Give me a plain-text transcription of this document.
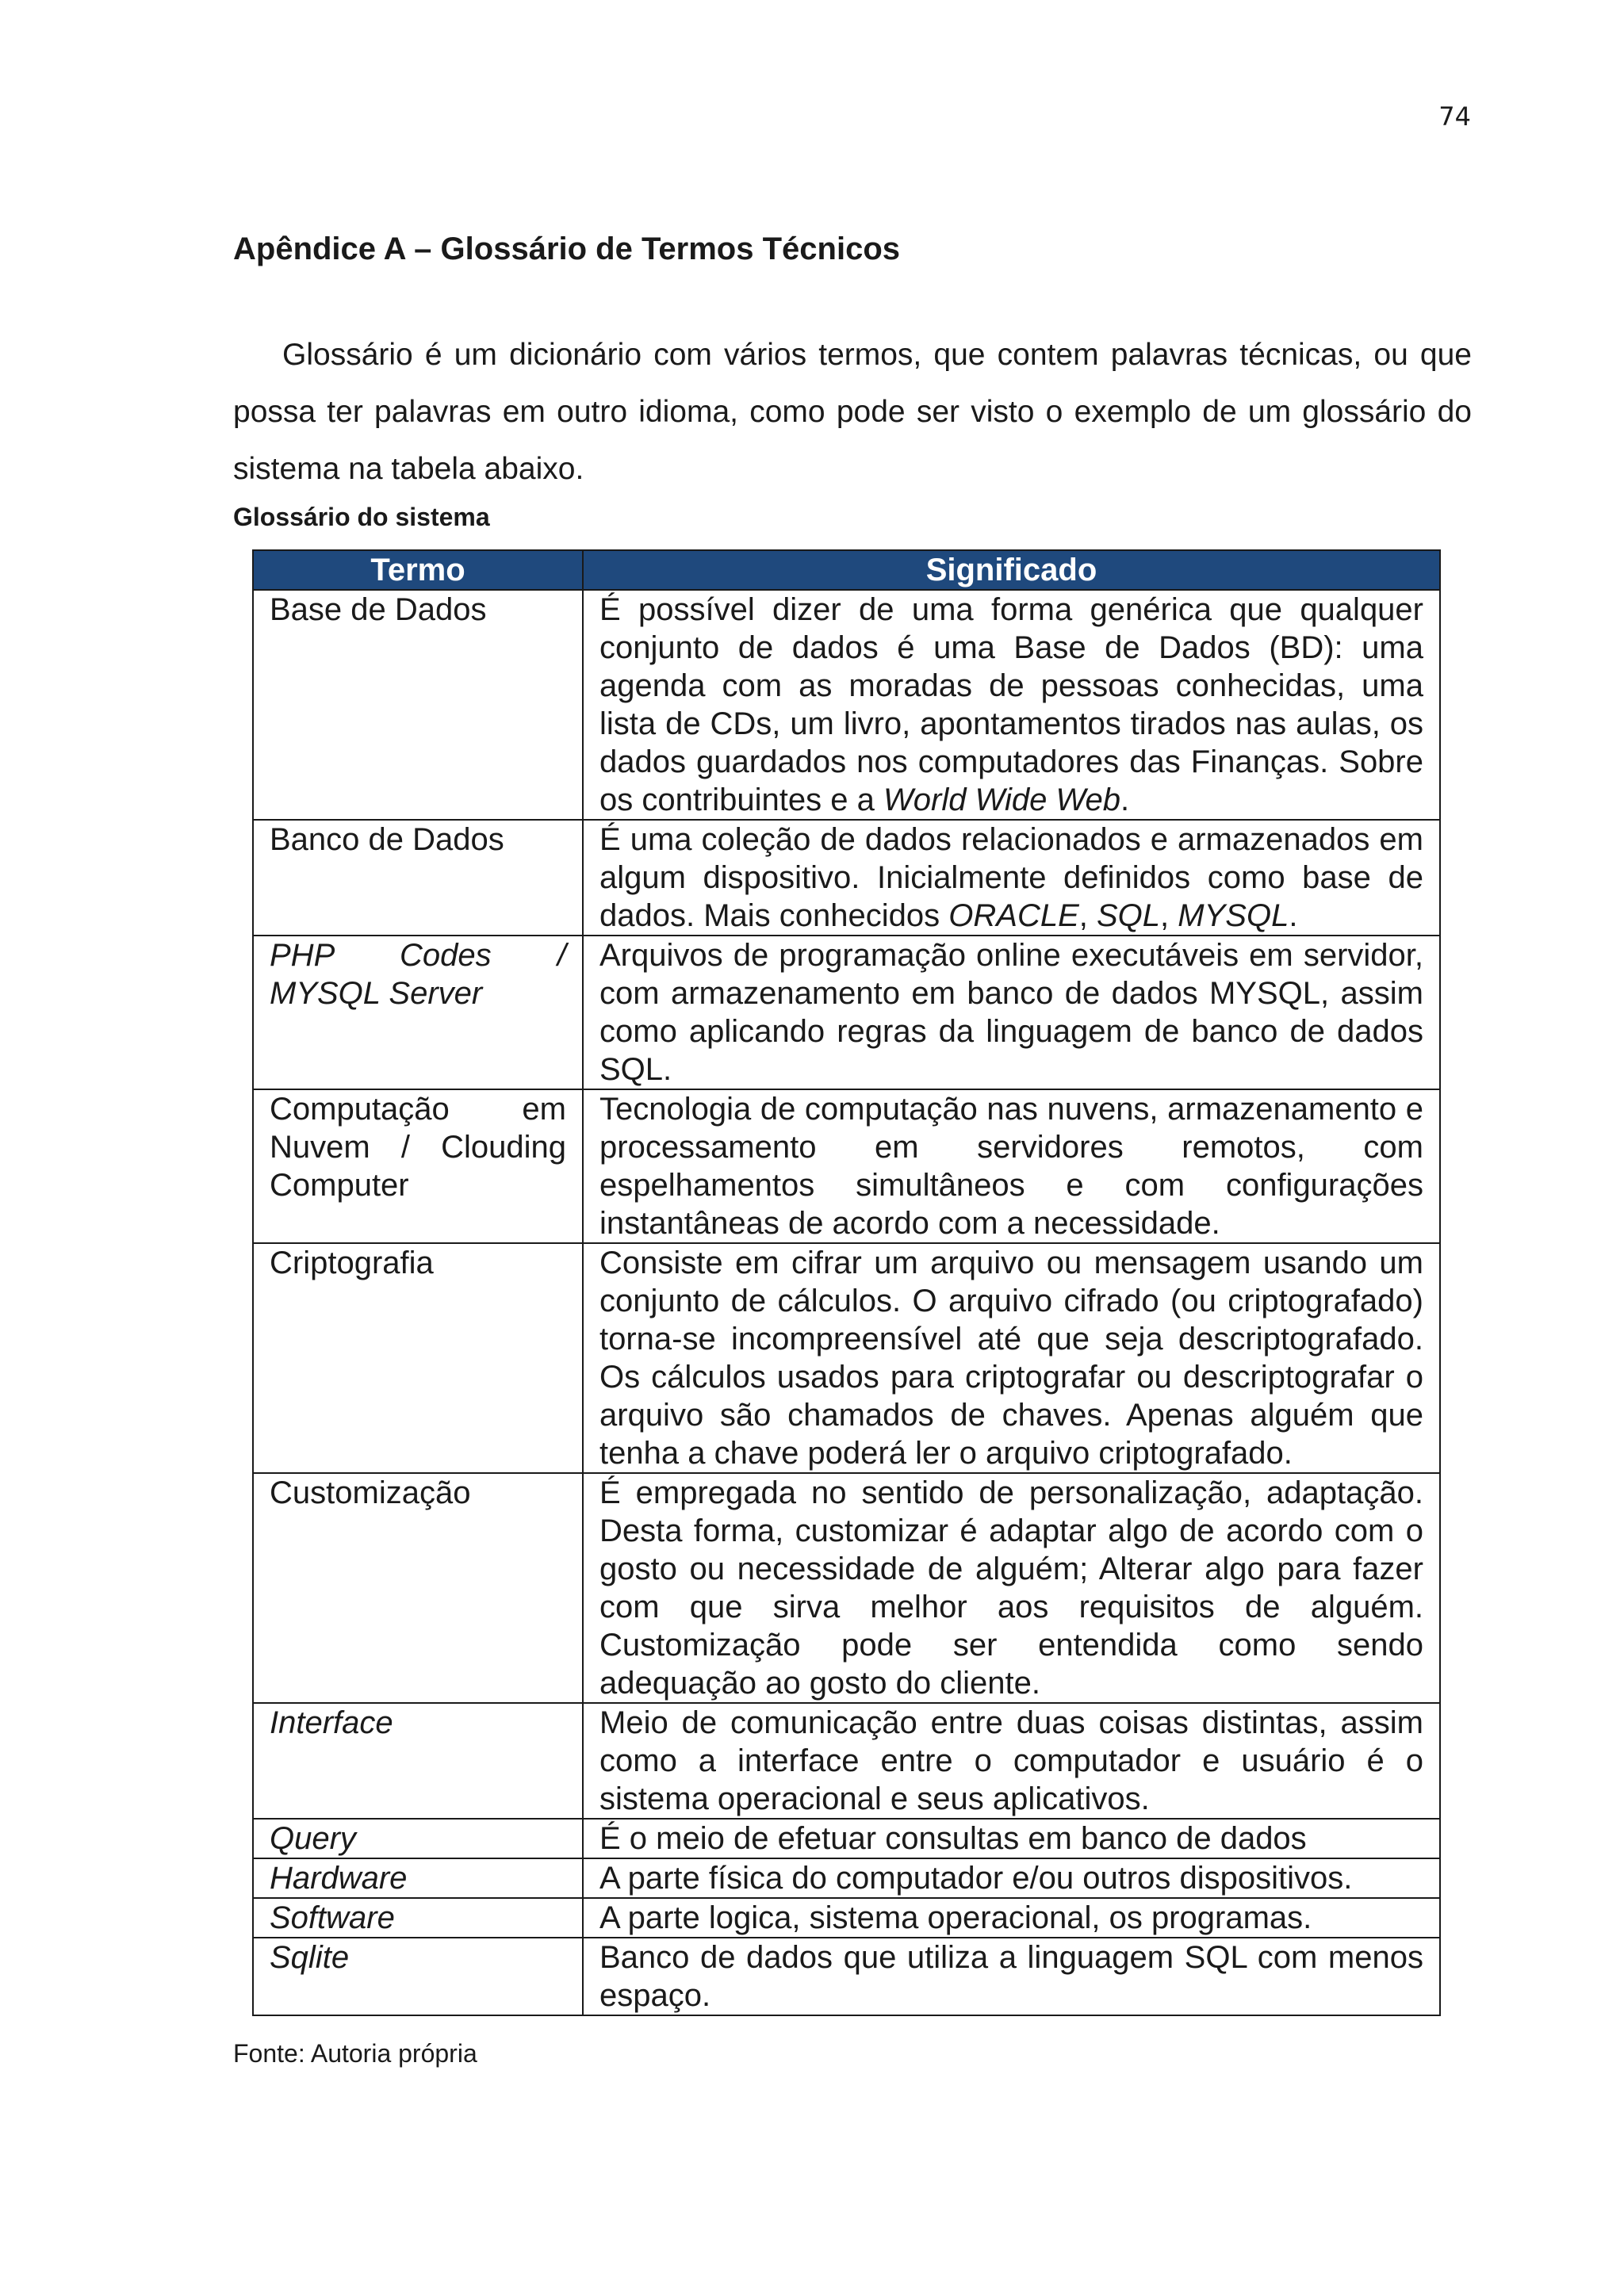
74
Apêndice A – Glossário de Termos Técnicos

Glossário é um dicionário com vários termos, que contem palavras técnicas, ou que possa ter palavras em outro idioma, como pode ser visto o exemplo de um glossário do sistema na tabela abaixo.

Glossário do sistema
Termo	Significado
Base de Dados	É possível dizer de uma forma genérica que qualquer conjunto de dados é uma Base de Dados (BD): uma agenda com as moradas de pessoas conhecidas, uma lista de CDs, um livro, apontamentos tirados nas aulas, os dados guardados nos computadores das Finanças. Sobre os contribuintes e a World Wide Web.
Banco de Dados	É uma coleção de dados relacionados e armazenados em algum dispositivo. Inicialmente definidos como base de dados. Mais conhecidos ORACLE, SQL, MYSQL.
PHP Codes / MYSQL Server	Arquivos de programação online executáveis em servidor, com armazenamento em banco de dados MYSQL, assim como aplicando regras da linguagem de banco de dados SQL.
Computação em Nuvem / Clouding Computer	Tecnologia de computação nas nuvens, armazenamento e processamento em servidores remotos, com espelhamentos simultâneos e com configurações instantâneas de acordo com a necessidade.
Criptografia	Consiste em cifrar um arquivo ou mensagem usando um conjunto de cálculos. O arquivo cifrado (ou criptografado) torna-se incompreensível até que seja descriptografado. Os cálculos usados para criptografar ou descriptografar o arquivo são chamados de chaves. Apenas alguém que tenha a chave poderá ler o arquivo criptografado.
Customização	É empregada no sentido de personalização, adaptação. Desta forma, customizar é adaptar algo de acordo com o gosto ou necessidade de alguém; Alterar algo para fazer com que sirva melhor aos requisitos de alguém. Customização pode ser entendida como sendo adequação ao gosto do cliente.
Interface	Meio de comunicação entre duas coisas distintas, assim como a interface entre o computador e usuário é o sistema operacional e seus aplicativos.
Query	É o meio de efetuar consultas em banco de dados
Hardware	A parte física do computador e/ou outros dispositivos.
Software	A parte logica, sistema operacional, os programas.
Sqlite	Banco de dados que utiliza a linguagem SQL com menos espaço.
Fonte: Autoria própria
